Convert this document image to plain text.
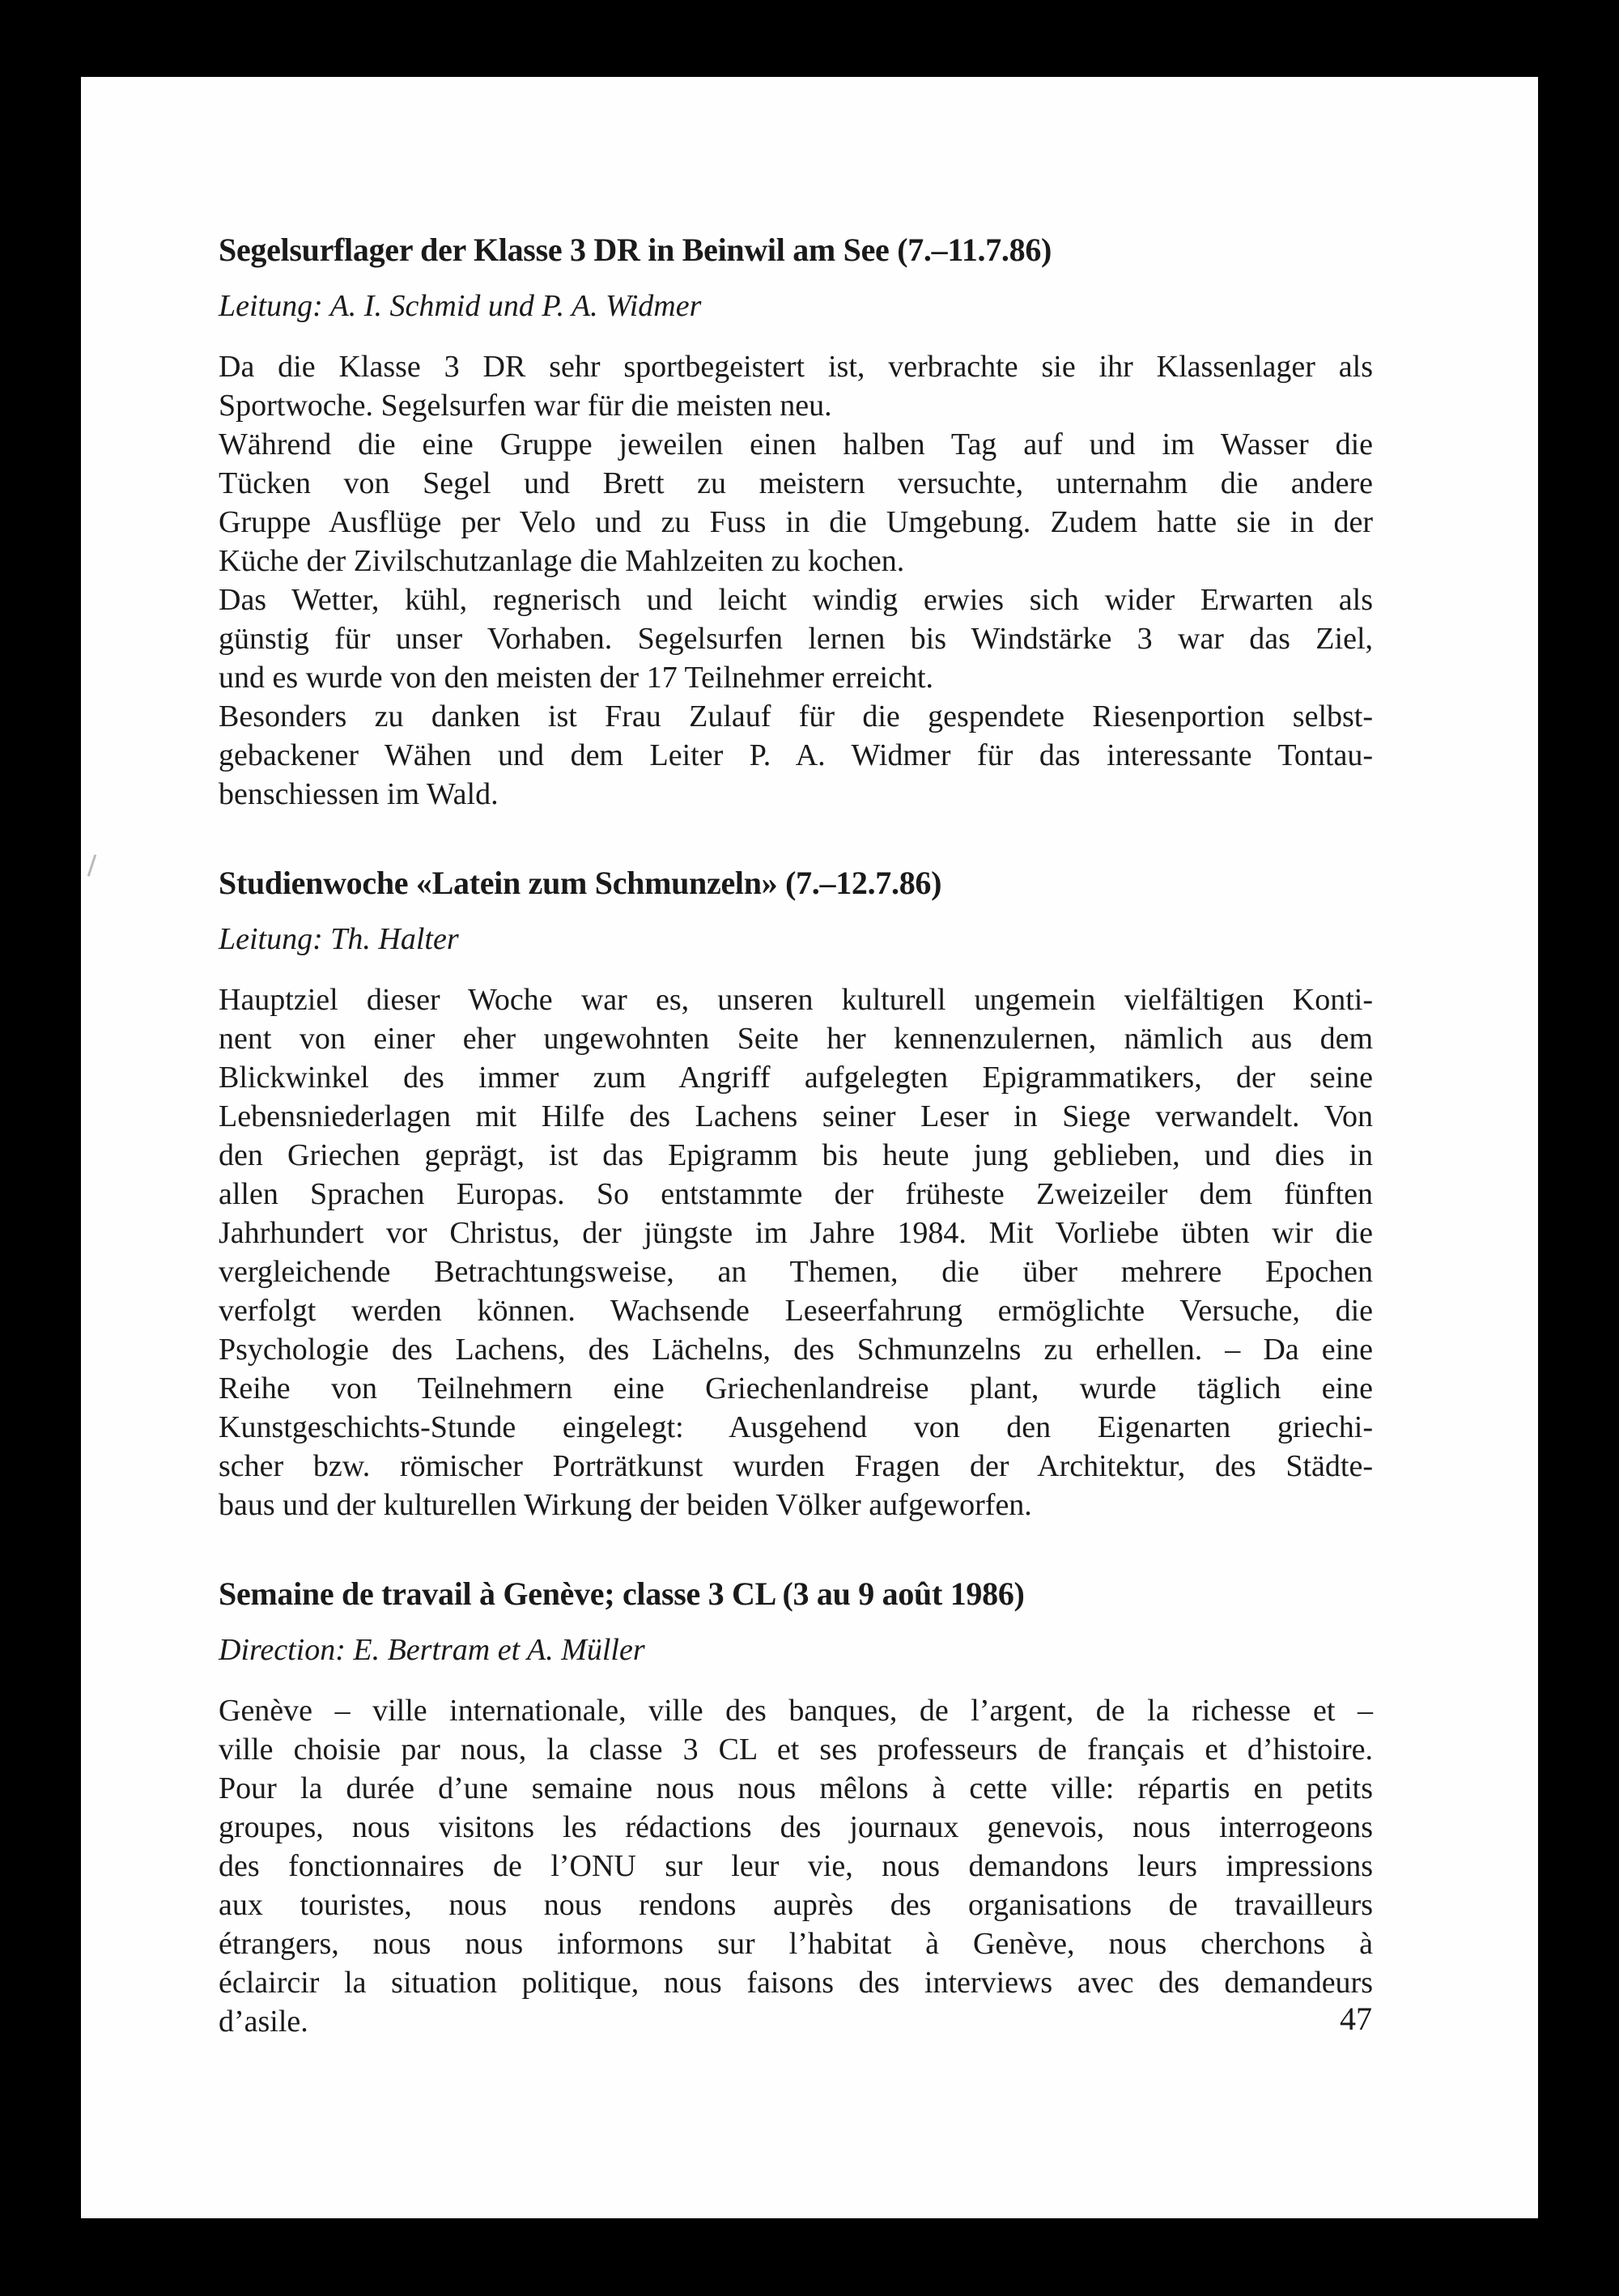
Segelsurflager der Klasse 3 DR in Beinwil am See (7.–11.7.86)
Leitung: A. I. Schmid und P. A. Widmer
Da die Klasse 3 DR sehr sportbegeistert ist, verbrachte sie ihr Klassenlager als
Sportwoche. Segelsurfen war für die meisten neu.
Während die eine Gruppe jeweilen einen halben Tag auf und im Wasser die
Tücken von Segel und Brett zu meistern versuchte, unternahm die andere
Gruppe Ausflüge per Velo und zu Fuss in die Umgebung. Zudem hatte sie in der
Küche der Zivilschutzanlage die Mahlzeiten zu kochen.
Das Wetter, kühl, regnerisch und leicht windig erwies sich wider Erwarten als
günstig für unser Vorhaben. Segelsurfen lernen bis Windstärke 3 war das Ziel,
und es wurde von den meisten der 17 Teilnehmer erreicht.
Besonders zu danken ist Frau Zulauf für die gespendete Riesenportion selbst-
gebackener Wähen und dem Leiter P. A. Widmer für das interessante Tontau-
benschiessen im Wald.
Studienwoche «Latein zum Schmunzeln» (7.–12.7.86)
Leitung: Th. Halter
Hauptziel dieser Woche war es, unseren kulturell ungemein vielfältigen Konti-
nent von einer eher ungewohnten Seite her kennenzulernen, nämlich aus dem
Blickwinkel des immer zum Angriff aufgelegten Epigrammatikers, der seine
Lebensniederlagen mit Hilfe des Lachens seiner Leser in Siege verwandelt. Von
den Griechen geprägt, ist das Epigramm bis heute jung geblieben, und dies in
allen Sprachen Europas. So entstammte der früheste Zweizeiler dem fünften
Jahrhundert vor Christus, der jüngste im Jahre 1984. Mit Vorliebe übten wir die
vergleichende Betrachtungsweise, an Themen, die über mehrere Epochen
verfolgt werden können. Wachsende Leseerfahrung ermöglichte Versuche, die
Psychologie des Lachens, des Lächelns, des Schmunzelns zu erhellen. – Da eine
Reihe von Teilnehmern eine Griechenlandreise plant, wurde täglich eine
Kunstgeschichts-Stunde eingelegt: Ausgehend von den Eigenarten griechi-
scher bzw. römischer Porträtkunst wurden Fragen der Architektur, des Städte-
baus und der kulturellen Wirkung der beiden Völker aufgeworfen.
Semaine de travail à Genève; classe 3 CL (3 au 9 août 1986)
Direction: E. Bertram et A. Müller
Genève – ville internationale, ville des banques, de l’argent, de la richesse et –
ville choisie par nous, la classe 3 CL et ses professeurs de français et d’histoire.
Pour la durée d’une semaine nous nous mêlons à cette ville: répartis en petits
groupes, nous visitons les rédactions des journaux genevois, nous interrogeons
des fonctionnaires de l’ONU sur leur vie, nous demandons leurs impressions
aux touristes, nous nous rendons auprès des organisations de travailleurs
étrangers, nous nous informons sur l’habitat à Genève, nous cherchons à
éclaircir la situation politique, nous faisons des interviews avec des demandeurs
d’asile.	47
